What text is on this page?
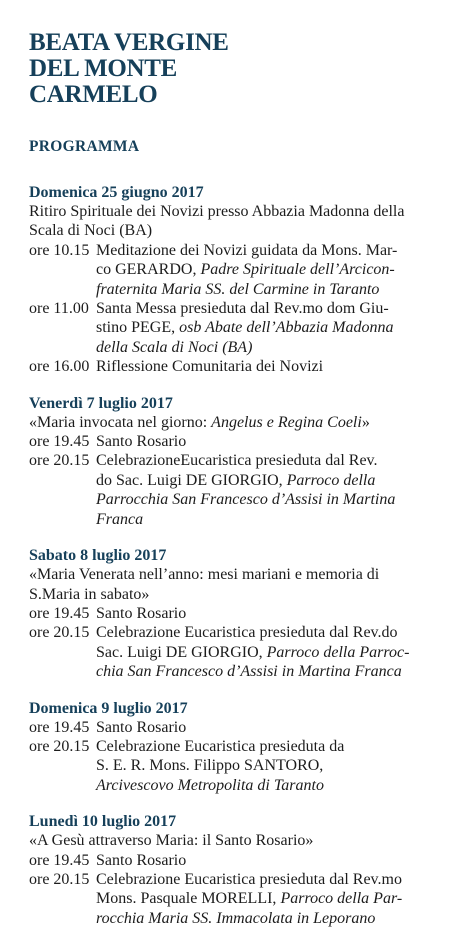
BEATA VERGINE
DEL MONTE
CARMELO
PROGRAMMA
Domenica 25 giugno 2017
Ritiro Spirituale dei Novizi presso Abbazia Madonna della
Scala di Noci (BA)
ore 10.15 Meditazione dei Novizi guidata da Mons. Mar-
co GERARDO, Padre Spirituale dell’Arcicon-
fraternita Maria SS. del Carmine in Taranto
ore 11.00 Santa Messa presieduta dal Rev.mo dom Giu-
stino PEGE, osb Abate dell’Abbazia Madonna
della Scala di Noci (BA)
ore 16.00 Riflessione Comunitaria dei Novizi
Venerdì 7 luglio 2017
«Maria invocata nel giorno: Angelus e Regina Coeli»
ore 19.45 Santo Rosario
ore 20.15 CelebrazioneEucaristica presieduta dal Rev.
do Sac. Luigi DE GIORGIO, Parroco della
Parrocchia San Francesco d’Assisi in Martina
Franca
Sabato 8 luglio 2017
«Maria Venerata nell’anno: mesi mariani e memoria di
S.Maria in sabato»
ore 19.45 Santo Rosario
ore 20.15 Celebrazione Eucaristica presieduta dal Rev.do
Sac. Luigi DE GIORGIO, Parroco della Parroc-
chia San Francesco d’Assisi in Martina Franca
Domenica 9 luglio 2017
ore 19.45 Santo Rosario
ore 20.15 Celebrazione Eucaristica presieduta da
S. E. R. Mons. Filippo SANTORO,
Arcivescovo Metropolita di Taranto
Lunedì 10 luglio 2017
«A Gesù attraverso Maria: il Santo Rosario»
ore 19.45 Santo Rosario
ore 20.15 Celebrazione Eucaristica presieduta dal Rev.mo
Mons. Pasquale MORELLI, Parroco della Par-
rocchia Maria SS. Immacolata in Leporano
